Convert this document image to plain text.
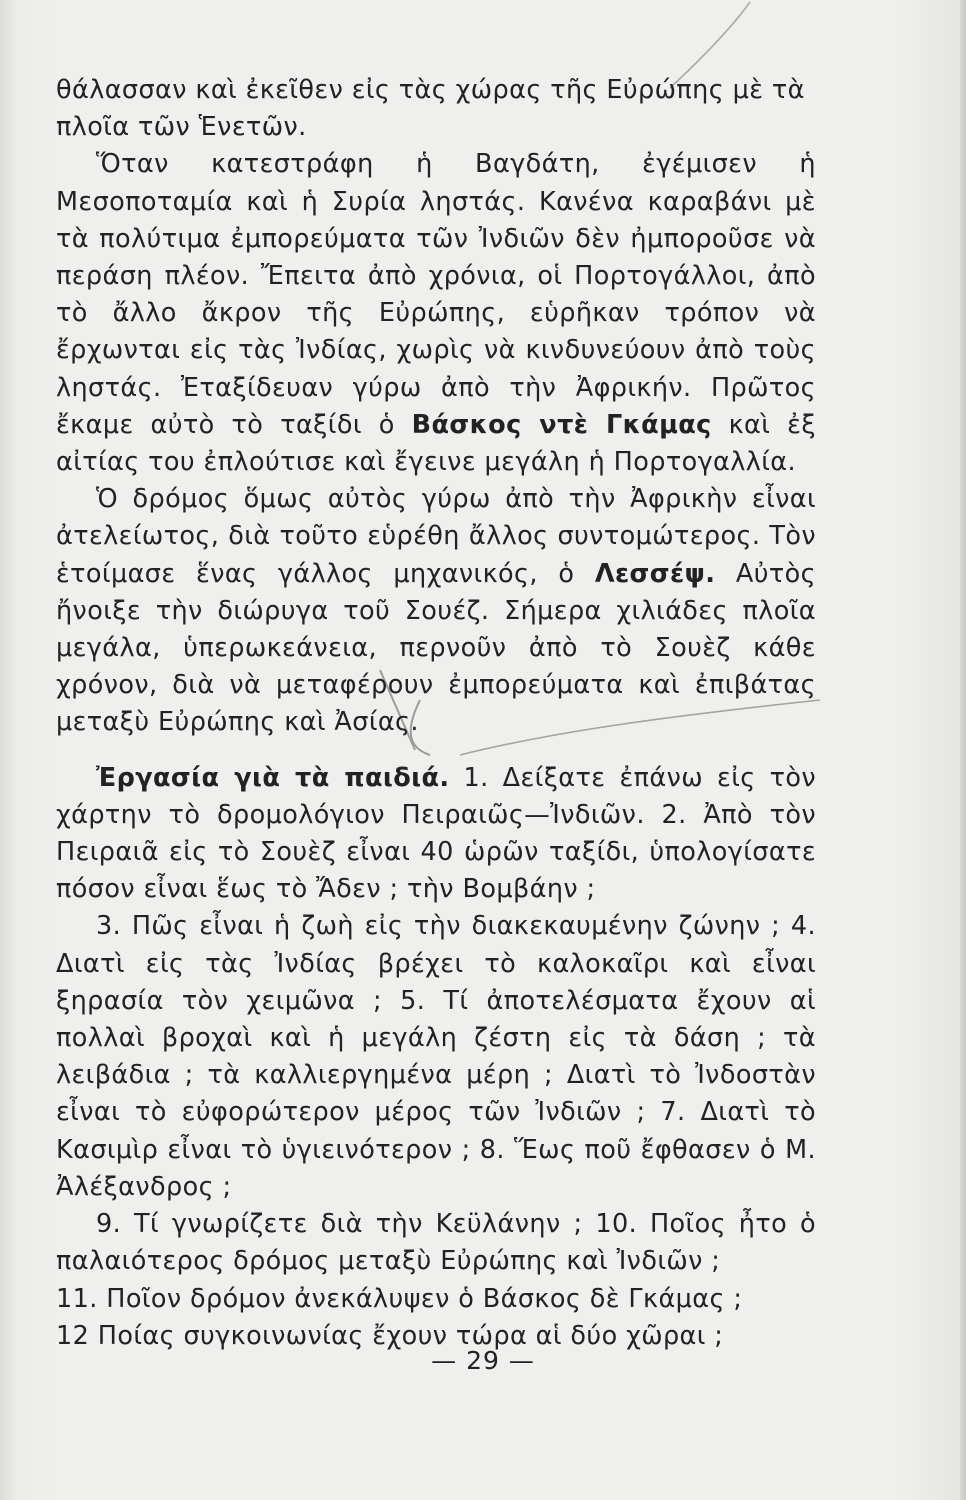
θάλασσαν καὶ ἐκεῖθεν εἰς τὰς χώρας τῆς Εὐρώπης μὲ τὰ
πλοῖα τῶν Ἑνετῶν.

Ὅταν κατεστράφη ἡ Βαγδάτη, ἐγέμισεν ἡ Μεσοποταμία καὶ ἡ Συρία ληστάς. Κανένα καραβάνι μὲ τὰ πολύτιμα ἐμπορεύματα τῶν Ἰνδιῶν δὲν ἠμποροῦσε νὰ περάση πλέον. Ἔπειτα ἀπὸ χρόνια, οἱ Πορτογάλλοι, ἀπὸ τὸ ἄλλο ἄκρον τῆς Εὐρώπης, εὑρῆκαν τρόπον νὰ ἔρχωνται εἰς τὰς Ἰνδίας, χωρὶς νὰ κινδυνεύουν ἀπὸ τοὺς ληστάς. Ἐταξίδευαν γύρω ἀπὸ τὴν Ἀφρικήν. Πρῶτος ἔκαμε αὐτὸ τὸ ταξίδι ὁ Βάσκος ντὲ Γκάμας καὶ ἐξ αἰτίας του ἐπλούτισε καὶ ἔγεινε μεγάλη ἡ Πορτογαλλία.

Ὁ δρόμος ὅμως αὐτὸς γύρω ἀπὸ τὴν Ἀφρικὴν εἶναι ἀτελείωτος, διὰ τοῦτο εὑρέθη ἄλλος συντομώτερος. Τὸν ἑτοίμασε ἕνας γάλλος μηχανικός, ὁ Λεσσέψ. Αὐτὸς ἤνοιξε τὴν διώρυγα τοῦ Σουέζ. Σήμερα χιλιάδες πλοῖα μεγάλα, ὑπερωκεάνεια, περνοῦν ἀπὸ τὸ Σουὲζ κάθε χρόνον, διὰ νὰ μεταφέρουν ἐμπορεύματα καὶ ἐπιβάτας μεταξὺ Εὐρώπης καὶ Ἀσίας.

Ἐργασία γιὰ τὰ παιδιά. 1. Δείξατε ἐπάνω εἰς τὸν χάρτην τὸ δρομολόγιον Πειραιῶς—Ἰνδιῶν. 2. Ἀπὸ τὸν Πειραιᾶ εἰς τὸ Σουὲζ εἶναι 40 ὡρῶν ταξίδι, ὑπολογίσατε πόσον εἶναι ἕως τὸ Ἄδεν ; τὴν Βομβάην ;

3. Πῶς εἶναι ἡ ζωὴ εἰς τὴν διακεκαυμένην ζώνην ; 4. Διατὶ εἰς τὰς Ἰνδίας βρέχει τὸ καλοκαῖρι καὶ εἶναι ξηρασία τὸν χειμῶνα ; 5. Τί ἀποτελέσματα ἔχουν αἱ πολλαὶ βροχαὶ καὶ ἡ μεγάλη ζέστη εἰς τὰ δάση ; τὰ λειβάδια ; τὰ καλλιεργημένα μέρη ; Διατὶ τὸ Ἰνδοστὰν εἶναι τὸ εὐφορώτερον μέρος τῶν Ἰνδιῶν ; 7. Διατὶ τὸ Κασιμὶρ εἶναι τὸ ὑγιεινότερον ; 8. Ἕως ποῦ ἔφθασεν ὁ Μ. Ἀλέξανδρος ;

9. Τί γνωρίζετε διὰ τὴν Κεϋλάνην ; 10. Ποῖος ἦτο ὁ παλαιότερος δρόμος μεταξὺ Εὐρώπης καὶ Ἰνδιῶν ;
11. Ποῖον δρόμον ἀνεκάλυψεν ὁ Βάσκος δὲ Γκάμας ;
12 Ποίας συγκοινωνίας ἔχουν τώρα αἱ δύο χῶραι ;

— 29 —
